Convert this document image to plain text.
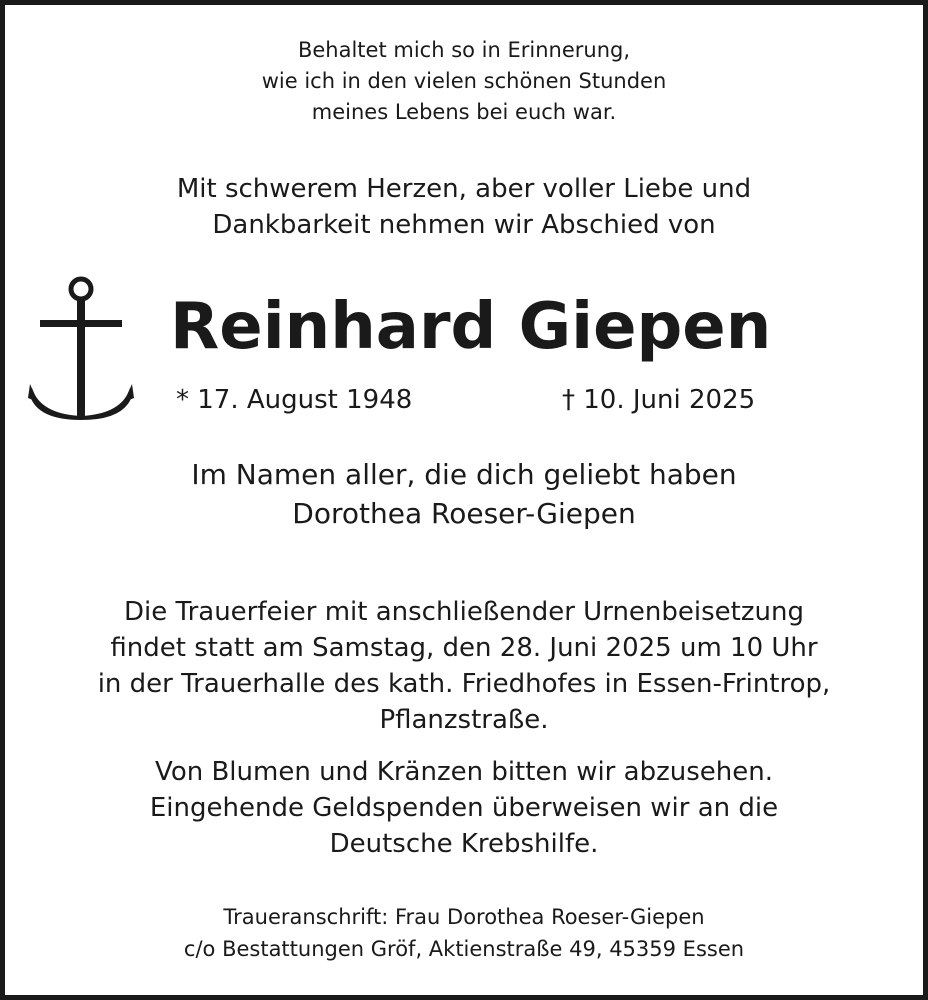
Behaltet mich so in Erinnerung,
wie ich in den vielen schönen Stunden
meines Lebens bei euch war.
Mit schwerem Herzen, aber voller Liebe und
Dankbarkeit nehmen wir Abschied von
Reinhard Giepen
* 17. August 1948	† 10. Juni 2025
Im Namen aller, die dich geliebt haben
Dorothea Roeser-Giepen
Die Trauerfeier mit anschließender Urnenbeisetzung
findet statt am Samstag, den 28. Juni 2025 um 10 Uhr
in der Trauerhalle des kath. Friedhofes in Essen-Frintrop,
Pflanzstraße.
Von Blumen und Kränzen bitten wir abzusehen.
Eingehende Geldspenden überweisen wir an die
Deutsche Krebshilfe.
Traueranschrift: Frau Dorothea Roeser-Giepen
c/o Bestattungen Gröf, Aktienstraße 49, 45359 Essen
